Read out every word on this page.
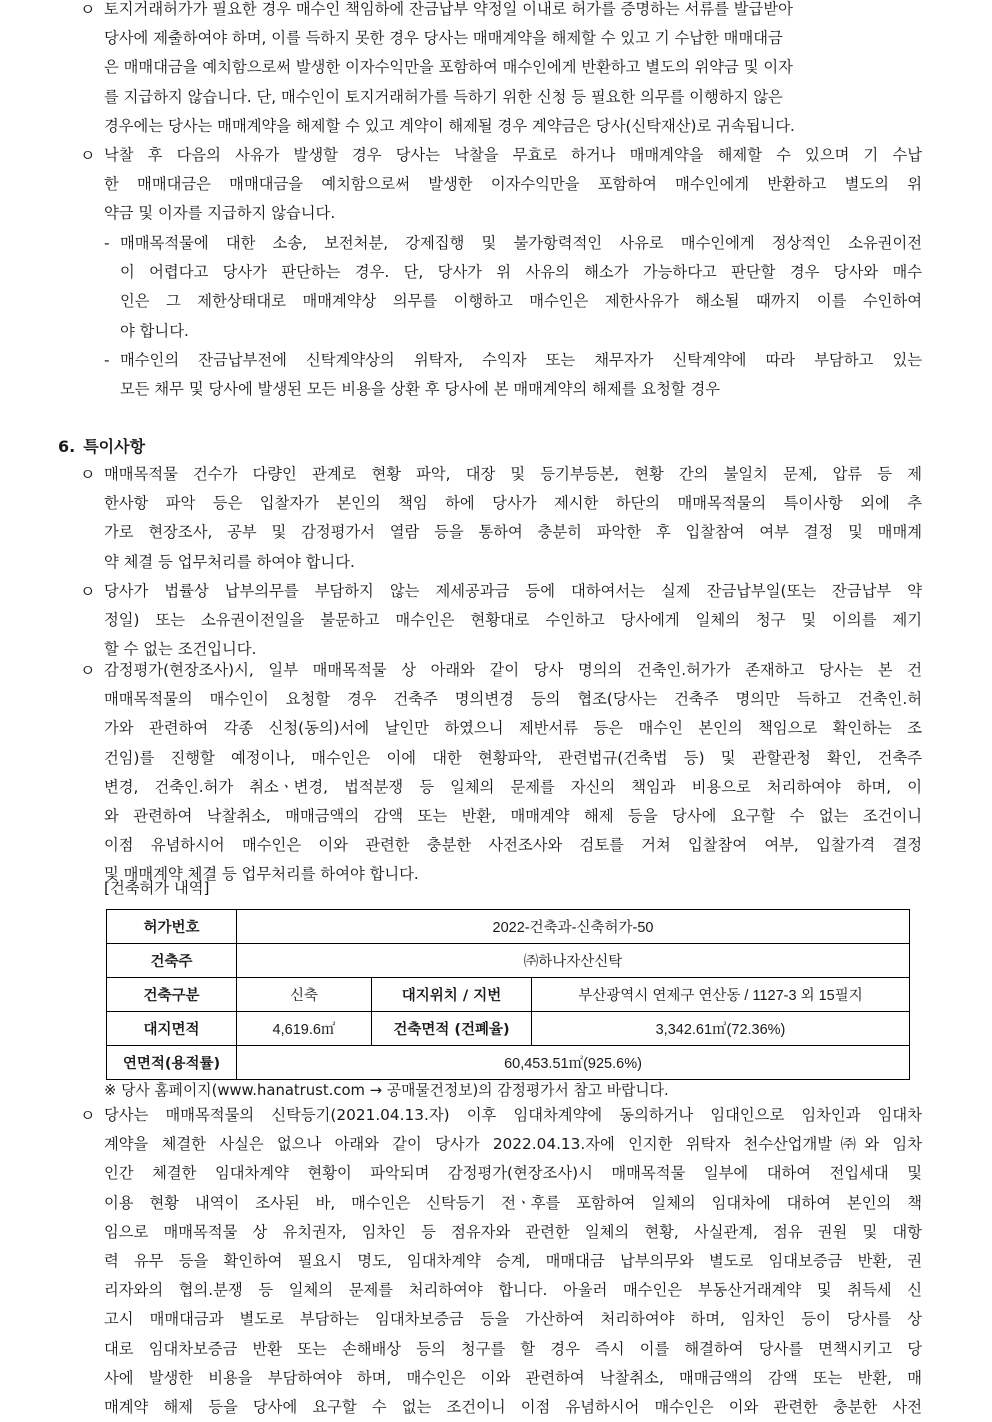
ㅇ 토지거래허가가 필요한 경우 매수인 책임하에 잔금납부 약정일 이내로 허가를 증명하는 서류를 발급받아
당사에 제출하여야 하며, 이를 득하지 못한 경우 당사는 매매계약을 해제할 수 있고 기 수납한 매매대금
은 매매대금을 예치함으로써 발생한 이자수익만을 포함하여 매수인에게 반환하고 별도의 위약금 및 이자
를 지급하지 않습니다. 단, 매수인이 토지거래허가를 득하기 위한 신청 등 필요한 의무를 이행하지 않은
경우에는 당사는 매매계약을 해제할 수 있고 계약이 해제될 경우 계약금은 당사(신탁재산)로 귀속됩니다.
ㅇ 낙찰 후 다음의 사유가 발생할 경우 당사는 낙찰을 무효로 하거나 매매계약을 해제할 수 있으며 기 수납
한 매매대금은 매매대금을 예치함으로써 발생한 이자수익만을 포함하여 매수인에게 반환하고 별도의 위
약금 및 이자를 지급하지 않습니다.
- 매매목적물에 대한 소송, 보전처분, 강제집행 및 불가항력적인 사유로 매수인에게 정상적인 소유권이전
이 어렵다고 당사가 판단하는 경우. 단, 당사가 위 사유의 해소가 가능하다고 판단할 경우 당사와 매수
인은 그 제한상태대로 매매계약상 의무를 이행하고 매수인은 제한사유가 해소될 때까지 이를 수인하여
야 합니다.
- 매수인의 잔금납부전에 신탁계약상의 위탁자, 수익자 또는 채무자가 신탁계약에 따라 부담하고 있는
모든 채무 및 당사에 발생된 모든 비용을 상환 후 당사에 본 매매계약의 해제를 요청할 경우
6. 특이사항
ㅇ 매매목적물 건수가 다량인 관계로 현황 파악, 대장 및 등기부등본, 현황 간의 불일치 문제, 압류 등 제
한사항 파악 등은 입찰자가 본인의 책임 하에 당사가 제시한 하단의 매매목적물의 특이사항 외에 추
가로 현장조사, 공부 및 감정평가서 열람 등을 통하여 충분히 파악한 후 입찰참여 여부 결정 및 매매계
약 체결 등 업무처리를 하여야 합니다.
ㅇ 당사가 법률상 납부의무를 부담하지 않는 제세공과금 등에 대하여서는 실제 잔금납부일(또는 잔금납부 약
정일) 또는 소유권이전일을 불문하고 매수인은 현황대로 수인하고 당사에게 일체의 청구 및 이의를 제기
할 수 없는 조건입니다.
ㅇ 감정평가(현장조사)시, 일부 매매목적물 상 아래와 같이 당사 명의의 건축인.허가가 존재하고 당사는 본 건
매매목적물의 매수인이 요청할 경우 건축주 명의변경 등의 협조(당사는 건축주 명의만 득하고 건축인.허
가와 관련하여 각종 신청(동의)서에 날인만 하였으니 제반서류 등은 매수인 본인의 책임으로 확인하는 조
건임)를 진행할 예정이나, 매수인은 이에 대한 현황파악, 관련법규(건축법 등) 및 관할관청 확인, 건축주
변경, 건축인.허가 취소ㆍ변경, 법적분쟁 등 일체의 문제를 자신의 책임과 비용으로 처리하여야 하며, 이
와 관련하여 낙찰취소, 매매금액의 감액 또는 반환, 매매계약 해제 등을 당사에 요구할 수 없는 조건이니
이점 유념하시어 매수인은 이와 관련한 충분한 사전조사와 검토를 거쳐 입찰참여 여부, 입찰가격 결정
및 매매계약 체결 등 업무처리를 하여야 합니다.
[건축허가 내역]
허가번호	2022-건축과-신축허가-50		
건축주	㈜하나자산신탁		
건축구분	신축	대지위치 / 지번	부산광역시 연제구 연산동 / 1127-3 외 15필지
대지면적	4,619.6㎡	건축면적 (건폐율)	3,342.61㎡(72.36%)
연면적(용적률)	60,453.51㎡(925.6%)		
※ 당사 홈페이지(www.hanatrust.com → 공매물건정보)의 감정평가서 참고 바랍니다.
ㅇ 당사는 매매목적물의 신탁등기(2021.04.13.자) 이후 임대차계약에 동의하거나 임대인으로 임차인과 임대차
계약을 체결한 사실은 없으나 아래와 같이 당사가 2022.04.13.자에 인지한 위탁자 천수산업개발㈜와 임차
인간 체결한 임대차계약 현황이 파악되며 감정평가(현장조사)시 매매목적물 일부에 대하여 전입세대 및
이용 현황 내역이 조사된 바, 매수인은 신탁등기 전ㆍ후를 포함하여 일체의 임대차에 대하여 본인의 책
임으로 매매목적물 상 유치권자, 임차인 등 점유자와 관련한 일체의 현황, 사실관계, 점유 권원 및 대항
력 유무 등을 확인하여 필요시 명도, 임대차계약 승계, 매매대금 납부의무와 별도로 임대보증금 반환, 권
리자와의 협의.분쟁 등 일체의 문제를 처리하여야 합니다. 아울러 매수인은 부동산거래계약 및 취득세 신
고시 매매대금과 별도로 부담하는 임대차보증금 등을 가산하여 처리하여야 하며, 임차인 등이 당사를 상
대로 임대차보증금 반환 또는 손해배상 등의 청구를 할 경우 즉시 이를 해결하여 당사를 면책시키고 당
사에 발생한 비용을 부담하여야 하며, 매수인은 이와 관련하여 낙찰취소, 매매금액의 감액 또는 반환, 매
매계약 해제 등을 당사에 요구할 수 없는 조건이니 이점 유념하시어 매수인은 이와 관련한 충분한 사전
